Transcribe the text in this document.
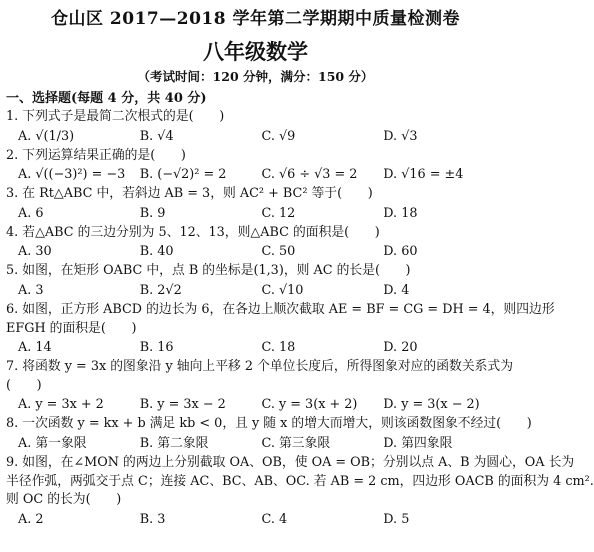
仓山区 2017—2018 学年第二学期期中质量检测卷
八年级数学
（考试时间：120 分钟，满分：150 分）
一、选择题(每题 4 分，共 40 分)
1. 下列式子是最简二次根式的是(　　)
A. √(1/3)	B. √4	C. √9	D. √3
2. 下列运算结果正确的是(　　)
A. √((−3)²) = −3	B. (−√2)² = 2	C. √6 ÷ √3 = 2	D. √16 = ±4
3. 在 Rt△ABC 中，若斜边 AB = 3，则 AC² + BC² 等于(　　)
A. 6	B. 9	C. 12	D. 18
4. 若△ABC 的三边分别为 5、12、13，则△ABC 的面积是(　　)
A. 30	B. 40	C. 50	D. 60
5. 如图，在矩形 OABC 中，点 B 的坐标是(1,3)，则 AC 的长是(　　)
A. 3	B. 2√2	C. √10	D. 4
6. 如图，正方形 ABCD 的边长为 6，在各边上顺次截取 AE = BF = CG = DH = 4，则四边形
EFGH 的面积是(　　)
A. 14	B. 16	C. 18	D. 20
7. 将函数 y = 3x 的图象沿 y 轴向上平移 2 个单位长度后，所得图象对应的函数关系式为
(　　)
A. y = 3x + 2	B. y = 3x − 2	C. y = 3(x + 2)	D. y = 3(x − 2)
8. 一次函数 y = kx + b 满足 kb < 0，且 y 随 x 的增大而增大，则该函数图象不经过(　　)
A. 第一象限	B. 第二象限	C. 第三象限	D. 第四象限
9. 如图，在∠MON 的两边上分别截取 OA、OB，使 OA = OB；分别以点 A、B 为圆心，OA 长为
半径作弧，两弧交于点 C；连接 AC、BC、AB、OC. 若 AB = 2 cm，四边形 OACB 的面积为 4 cm².
则 OC 的长为(　　)
A. 2	B. 3	C. 4	D. 5
